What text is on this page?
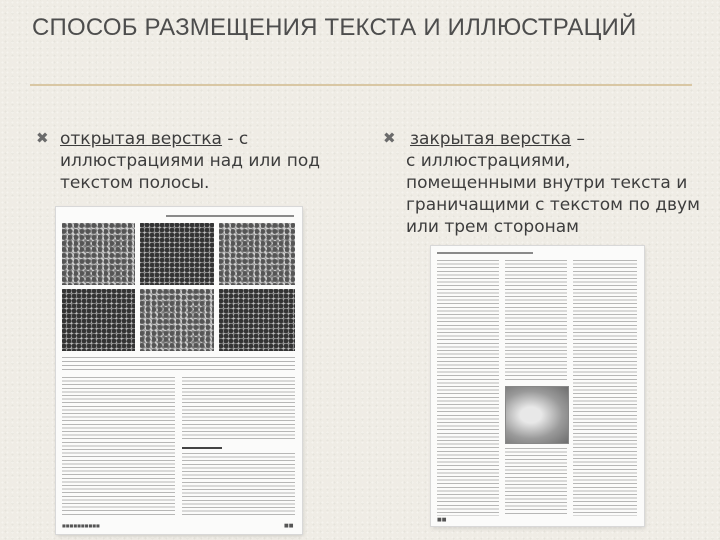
СПОСОБ РАЗМЕЩЕНИЯ ТЕКСТА И ИЛЛЮСТРАЦИЙ
✖ открытая верстка - с иллюстрациями над или под текстом полосы.
✖ закрытая верстка –
с иллюстрациями, помещенными внутри текста и граничащими с текстом по двум или трем сторонам
■■■■■■■■■■	■■
■■
